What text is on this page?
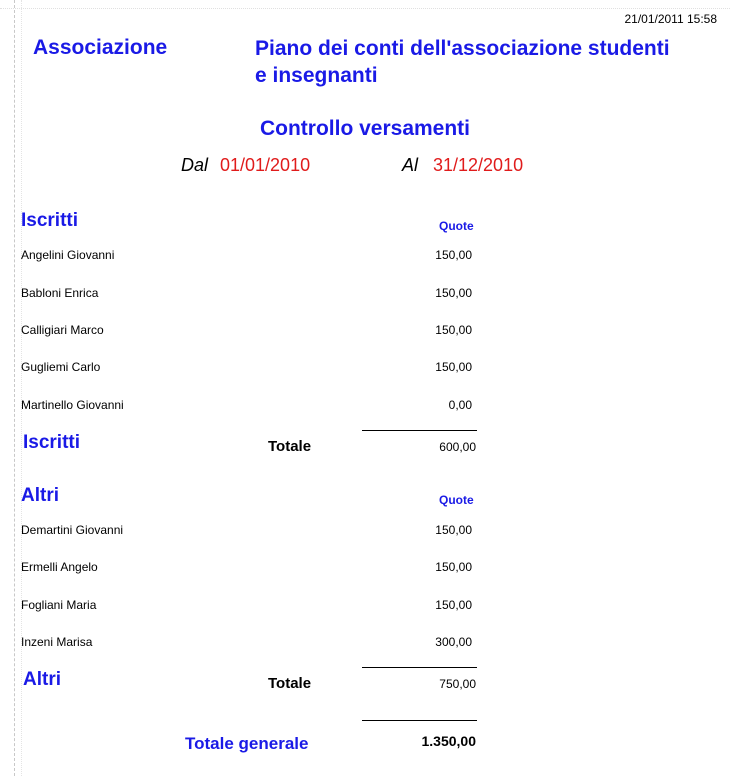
21/01/2011 15:58
Associazione	Piano dei conti dell'associazione studenti e insegnanti
Controllo versamenti
Dal 01/01/2010	Al 31/12/2010
Iscritti	Quote
Angelini Giovanni	150,00
Babloni Enrica	150,00
Calligiari Marco	150,00
Gugliemi Carlo	150,00
Martinello Giovanni	0,00
Iscritti	Totale	600,00
Altri	Quote
Demartini Giovanni	150,00
Ermelli Angelo	150,00
Fogliani Maria	150,00
Inzeni Marisa	300,00
Altri	Totale	750,00
Totale generale	1.350,00
